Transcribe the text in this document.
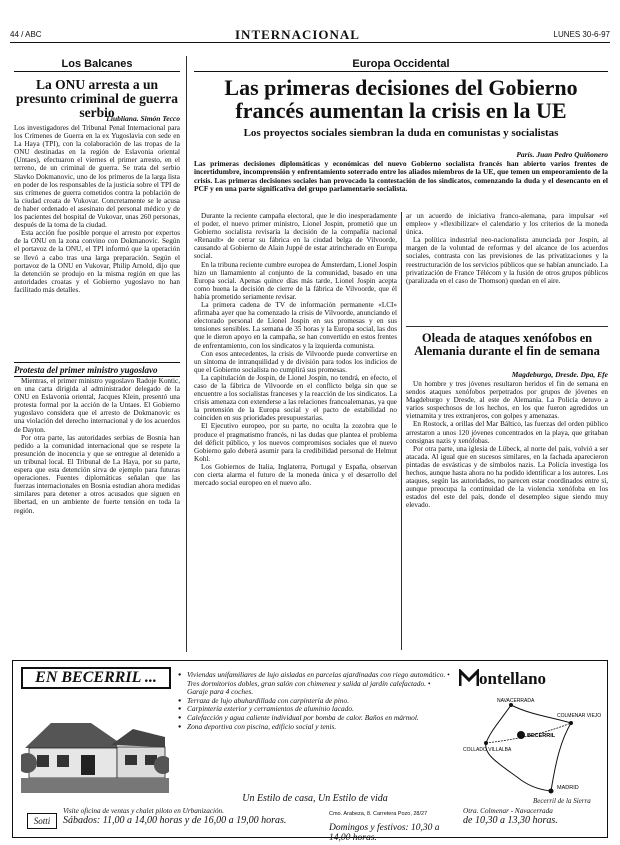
44 / ABC	INTERNACIONAL	LUNES 30-6-97
Los Balcanes
La ONU arresta a un presunto criminal de guerra serbio
Liubliana. Simón Tecco

Los investigadores del Tribunal Penal Internacional para los Crímenes de Guerra en la ex Yugoslavia con sede en La Haya (TPI), con la colaboración de las tropas de la ONU destinadas en la región de Eslavonia oriental (Untaes), efectuaron el viernes el primer arresto, en el terreno, de un criminal de guerra. Se trata del serbio Slavko Dokmanovic, uno de los primeros de la larga lista en poder de los responsables de la justicia sobre el TPI de sus crímenes de guerra cometidos contra la población de la ciudad croata de Vukovar. Concretamente se le acusa de haber ordenado el asesinato del personal médico y de los pacientes del hospital de Vukovar, unas 260 personas, después de la toma de la ciudad.

Esta acción fue posible porque el arresto por expertos de la ONU en la zona convino con Dokmanovic. Según el portavoz de la ONU, el TPI informó que la operación se llevó a cabo tras una larga preparación. Según el portavoz de la ONU en Vukovar, Philip Arnold, dijo que la detención se produjo en la misma región en que las autoridades croatas y el Gobierno yugoslavo no han facilitado más detalles.

Protesta del primer ministro yugoslavo

Mientras, el primer ministro yugoslavo Radoje Kontic, en una carta dirigida al administrador delegado de la ONU en Eslavonia oriental, Jacques Klein, presentó una protesta formal por la acción de la Untaes. El Gobierno yugoslavo considera que el arresto de Dokmanovic es una violación del derecho internacional y de los acuerdos de Dayton.

Por otra parte, las autoridades serbias de Bosnia han pedido a la comunidad internacional que se respete la presunción de inocencia y que se entregue al detenido a un tribunal local. El Tribunal de La Haya, por su parte, espera que esta detención sirva de ejemplo para futuras operaciones. Fuentes diplomáticas señalan que las fuerzas internacionales en Bosnia estudian ahora medidas similares para detener a otros acusados que siguen en libertad, en un ambiente de fuerte tensión en toda la región.

Europa Occidental
Las primeras decisiones del Gobierno francés aumentan la crisis en la UE
Los proyectos sociales siembran la duda en comunistas y socialistas
París. Juan Pedro Quiñonero

Las primeras decisiones diplomáticas y económicas del nuevo Gobierno socialista francés han abierto varios frentes de incertidumbre, incomprensión y enfrentamiento soterrado entre los aliados miembros de la UE, que temen un empeoramiento de la crisis. Las primeras decisiones sociales han provocado la contestación de los sindicatos, comenzando la duda y el desencanto en el PCF y en una parte significativa del grupo parlamentario socialista.

Durante la reciente campaña electoral, que le dio inesperadamente el poder, el nuevo primer ministro, Lionel Jospin, prometió que un Gobierno socialista revisaría la decisión de la compañía nacional «Renault» de cerrar su fábrica en la ciudad belga de Vilvoorde, causando al Gobierno de Alain Juppé de estar atrincherado en Europa social.

En la tribuna reciente cumbre europea de Ámsterdam, Lionel Jospin hizo un llamamiento al conjunto de la comunidad, basado en una Europa social. Apenas quince días más tarde, Lionel Jospin acepta como buena la decisión de cierre de la fábrica de Vilvoorde, que él había prometido seriamente revisar.

La primera cadena de TV de información permanente «LCI» afirmaba ayer que ha comenzado la crisis de Vilvoorde, anunciando el electorado personal de Lionel Jospin en sus promesas y en sus tensiones sensibles. La semana de 35 horas y la Europa social, las dos que le dieron apoyo en la campaña, se han convertido en estos frentes de enfrentamiento, con los sindicatos y la izquierda comunista.

Con esos antecedentes, la crisis de Vilvoorde puede convertirse en un síntoma de intranquilidad y de división para todos los indicios de que el Gobierno socialista no cumplirá sus promesas.

La capitulación de Jospin, de Lionel Jospin, no tendrá, en efecto, el caso de la fábrica de Vilvoorde en el conflicto belga sin que se encuentre a los socialistas franceses y la reacción de los sindicatos. La crisis amenaza con extenderse a las relaciones francoalemanas, ya que la pretensión de la Europa social y el pacto de estabilidad no coinciden en sus prioridades presupuestarias.

El Ejecutivo europeo, por su parte, no oculta la zozobra que le produce el pragmatismo francés, ni las dudas que plantea el problema del déficit público, y los nuevos compromisos sociales que el nuevo Gobierno galo deberá asumir para la credibilidad personal de Helmut Kohl.

Los Gobiernos de Italia, Inglaterra, Portugal y España, observan con cierta alarma el futuro de la moneda única y el desarrollo del mercado social europeo en el nuevo año.

ar un acuerdo de iniciativa franco-alemana, para impulsar «el empleo» y «flexibilizar» el calendario y los criterios de la moneda única.

La política industrial neo-nacionalista anunciada por Jospin, al margen de la voluntad de reformas y del alcance de los acuerdos sociales, contrasta con las previsiones de las privatizaciones y la reestructuración de los servicios públicos que se habían anunciado. La privatización de France Télécom y la fusión de otros grupos públicos (paralizada en el caso de Thomson) quedan en el aire.

Oleada de ataques xenófobos en Alemania durante el fin de semana
Magdeburgo, Dresde. Dpa, Efe

Un hombre y tres jóvenes resultaron heridos el fin de semana en sendos ataques xenófobos perpetrados por grupos de jóvenes en Magdeburgo y Dresde, al este de Alemania. La Policía detuvo a varios sospechosos de los hechos, en los que fueron agredidos un vietnamita y tres extranjeros, con golpes y amenazas.

En Rostock, a orillas del Mar Báltico, las fuerzas del orden público arrestaron a unos 120 jóvenes concentrados en la playa, que gritaban consignas nazis y xenófobas.

Por otra parte, una iglesia de Lübeck, al norte del país, volvió a ser atacada. Al igual que en sucesos similares, en la fachada aparecieron pintadas de esvásticas y de símbolos nazis. La Policía investiga los hechos, aunque hasta ahora no ha podido identificar a los autores. Los ataques, según las autoridades, no parecen estar coordinados entre sí, aunque preocupa la continuidad de la violencia xenófoba en los estados del este del país, donde el desempleo sigue siendo muy elevado.

EN BECERRIL ...
●	Viviendas unifamiliares de lujo aisladas en parcelas ajardinadas con riego automático. • Tres dormitorios dobles, gran salón con chimenea y salida al jardín calefactado. • Garaje para 4 coches.
● Terraza de lujo abuhardillada con carpintería de pino.
● Carpintería exterior y cerramientos de aluminio lacado.
● Calefacción y agua caliente individual por bomba de calor. Baños en mármol.
● Zona deportiva con piscina, edificio social y tenis.
Un Estilo de casa, Un Estilo de vida
ontellano
NAVACERRADA
COLLADO VILLALBA
BECERRIL
COLMENAR VIEJO
MADRID
Becerril de la Sierra
Sotti
Visite oficina de ventas y chalet piloto en Urbanización.
Sábados: 11,00 a 14,00 horas y de 16,00 a 19,00 horas.
Cmo. Arabeza, 8. Carretera Pozo, 28/27
Domingos y festivos: 10,30 a 14,00 horas.
Otra. Colmenar - Navacerrada
de 10,30 a 13,30 horas.
